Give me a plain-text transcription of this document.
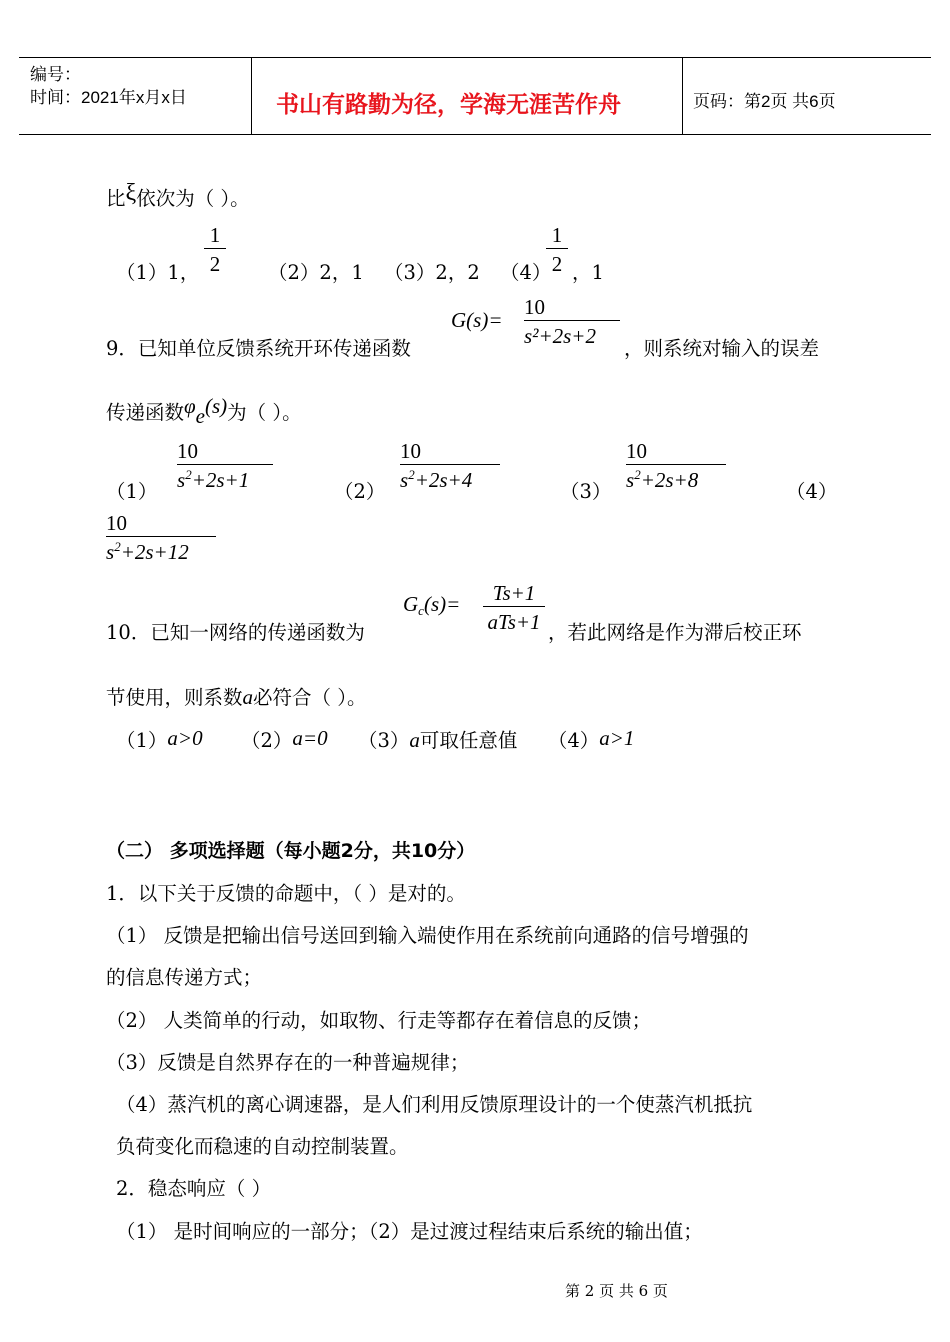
编号：
时间：2021年x月x日	书山有路勤为径，学海无涯苦作舟	页码：第2页 共6页
比ξ依次为（ ）。
（1）1，
1
2 （2）2，1 （3）2，2 （4）
1
2 ，1
9．已知单位反馈系统开环传递函数
G(s)=
10
s²+2s+2
，则系统对输入的误差
传递函数$\varphi_e(s)$为（ ）。
（1）
10
$s^2+2s+1$	（2）
10
$s^2+2s+4$	（3）
10
$s^2+2s+8$	（4）
10
$s^2+2s+12$
10．已知一网络的传递函数为
$G_c(s)=$	Ts+1
aTs+1 ，若此网络是作为滞后校正环
节使用，则系数a必符合（ ）。
（1）a>0 （2）a=0 （3）a可取任意值 （4）a>1
（二） 多项选择题（每小题2分，共10分）
1．以下关于反馈的命题中，（ ）是对的。
（1） 反馈是把输出信号送回到输入端使作用在系统前向通路的信号增强的
的信息传递方式；
（2） 人类简单的行动，如取物、行走等都存在着信息的反馈；
（3）反馈是自然界存在的一种普遍规律；
（4）蒸汽机的离心调速器，是人们利用反馈原理设计的一个使蒸汽机抵抗
负荷变化而稳速的自动控制装置。
2．稳态响应（ ）
（1） 是时间响应的一部分；（2）是过渡过程结束后系统的输出值；
第 2 页 共 6 页
